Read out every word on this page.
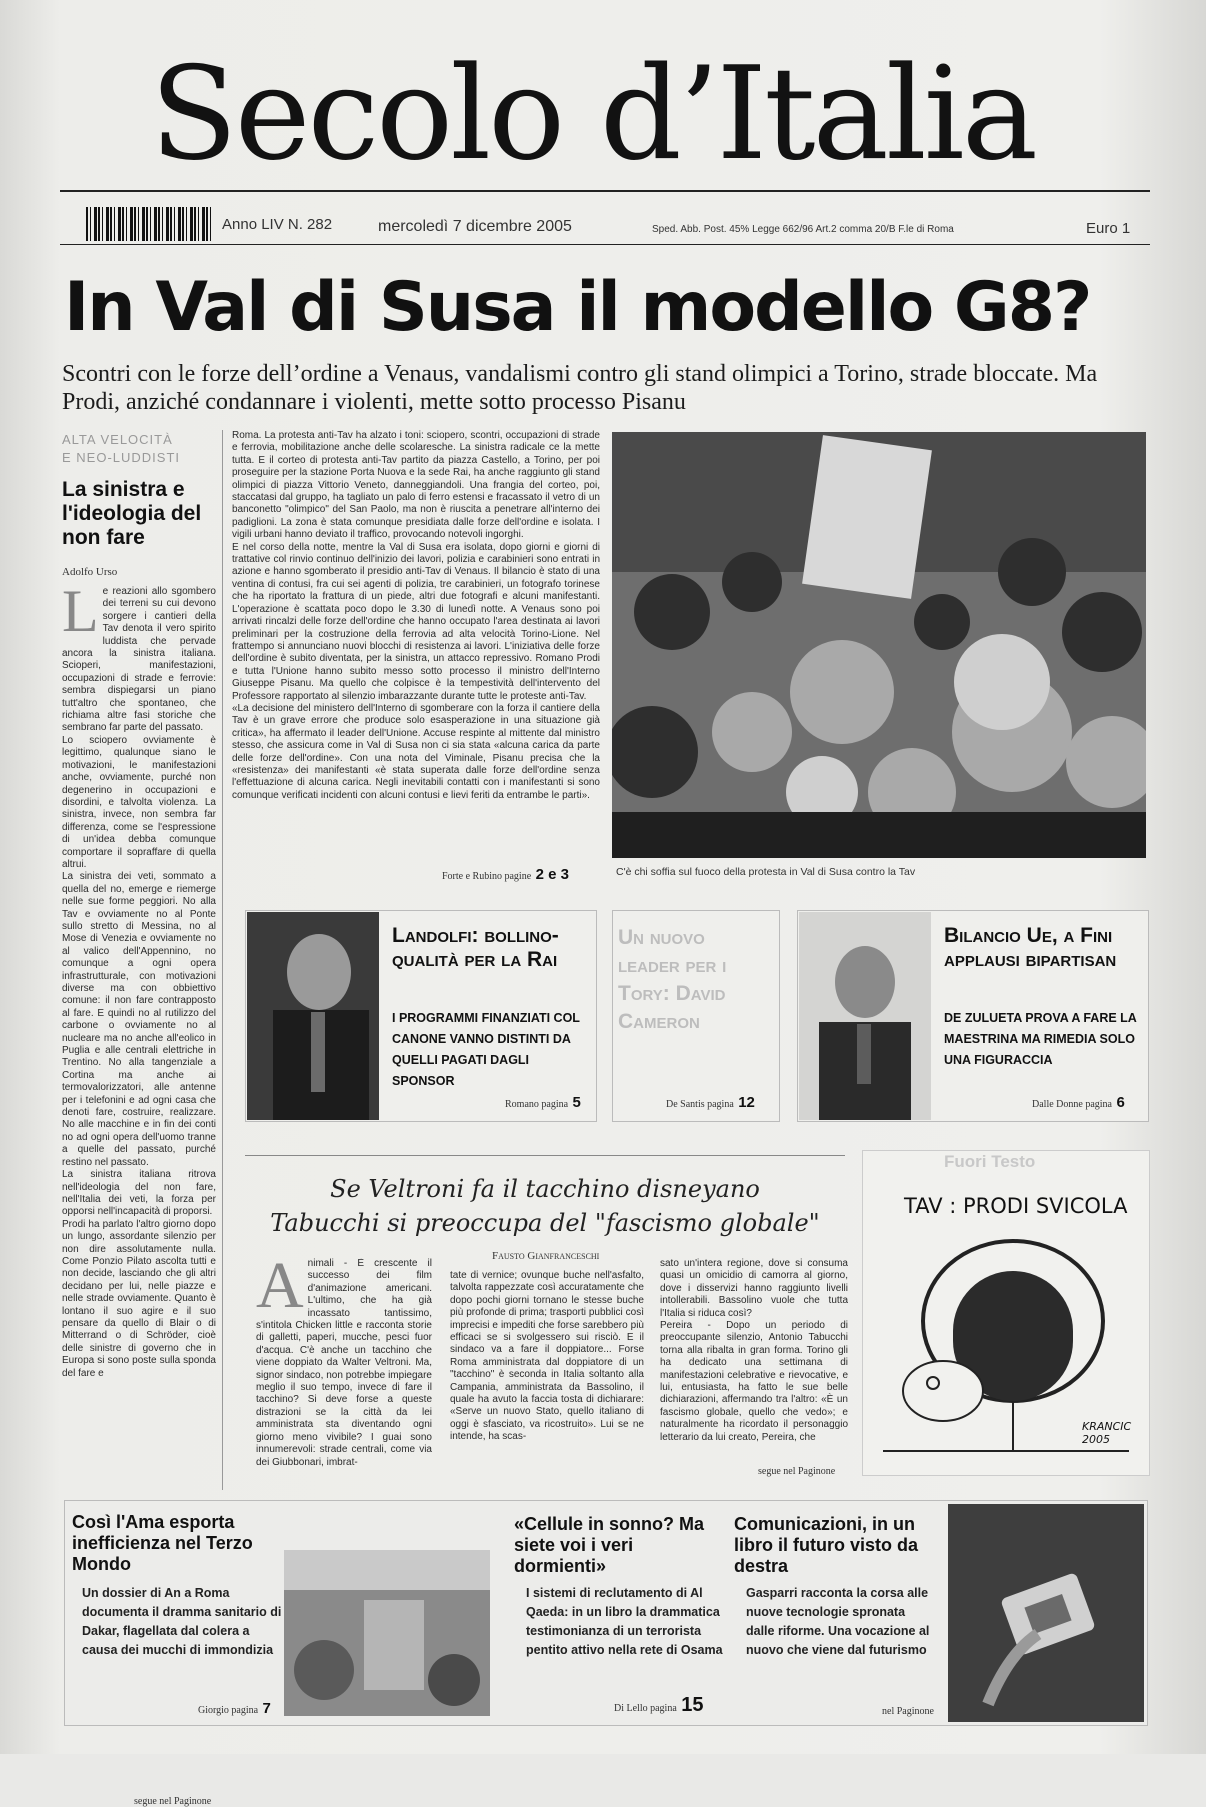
Secolo d’Italia
Anno LIV N. 282	mercoledì 7 dicembre 2005	Sped. Abb. Post. 45% Legge 662/96 Art.2 comma 20/B F.le di Roma	Euro 1
In Val di Susa il modello G8?
Scontri con le forze dell’ordine a Venaus, vandalismi contro gli stand olimpici a Torino, strade bloccate. Ma Prodi, anziché condannare i violenti, mette sotto processo Pisanu
ALTA VELOCITÀ
E NEO-LUDDISTI
La sinistra e l'ideologia del non fare
Adolfo Urso
Le reazioni allo sgombero dei terreni su cui devono sorgere i cantieri della Tav denota il vero spirito luddista che pervade ancora la sinistra italiana. Scioperi, manifestazioni, occupazioni di strade e ferrovie: sembra dispiegarsi un piano tutt'altro che spontaneo, che richiama altre fasi storiche che sembrano far parte del passato.
Lo sciopero ovviamente è legittimo, qualunque siano le motivazioni, le manifestazioni anche, ovviamente, purché non degenerino in occupazioni e disordini, e talvolta violenza. La sinistra, invece, non sembra far differenza, come se l'espressione di un'idea debba comunque comportare il sopraffare di quella altrui.
La sinistra dei veti, sommato a quella del no, emerge e riemerge nelle sue forme peggiori. No alla Tav e ovviamente no al Ponte sullo stretto di Messina, no al Mose di Venezia e ovviamente no al valico dell'Appennino, no comunque a ogni opera infrastrutturale, con motivazioni diverse ma con obbiettivo comune: il non fare contrapposto al fare. E quindi no al rutilizzo del carbone o ovviamente no al nucleare ma no anche all'eolico in Puglia e alle centrali elettriche in Trentino. No alla tangenziale a Cortina ma anche ai termovalorizzatori, alle antenne per i telefonini e ad ogni casa che denoti fare, costruire, realizzare. No alle macchine e in fin dei conti no ad ogni opera dell'uomo tranne a quelle del passato, purché restino nel passato.
La sinistra italiana ritrova nell'ideologia del non fare, nell'Italia dei veti, la forza per opporsi nell'incapacità di proporsi.
Prodi ha parlato l'altro giorno dopo un lungo, assordante silenzio per non dire assolutamente nulla. Come Ponzio Pilato ascolta tutti e non decide, lasciando che gli altri decidano per lui, nelle piazze e nelle strade ovviamente. Quanto è lontano il suo agire e il suo pensare da quello di Blair o di Mitterrand o di Schröder, cioè delle sinistre di governo che in Europa si sono poste sulla sponda del fare e
segue nel Paginone
Roma. La protesta anti-Tav ha alzato i toni: sciopero, scontri, occupazioni di strade e ferrovia, mobilitazione anche delle scolaresche. La sinistra radicale ce la mette tutta. E il corteo di protesta anti-Tav partito da piazza Castello, a Torino, per poi proseguire per la stazione Porta Nuova e la sede Rai, ha anche raggiunto gli stand olimpici di piazza Vittorio Veneto, danneggiandoli. Una frangia del corteo, poi, staccatasi dal gruppo, ha tagliato un palo di ferro estensi e fracassato il vetro di un banconetto "olimpico" del San Paolo, ma non è riuscita a penetrare all'interno dei padiglioni. La zona è stata comunque presidiata dalle forze dell'ordine e isolata. I vigili urbani hanno deviato il traffico, provocando notevoli ingorghi.
E nel corso della notte, mentre la Val di Susa era isolata, dopo giorni e giorni di trattative col rinvio continuo dell'inizio dei lavori, polizia e carabinieri sono entrati in azione e hanno sgomberato il presidio anti-Tav di Venaus. Il bilancio è stato di una ventina di contusi, fra cui sei agenti di polizia, tre carabinieri, un fotografo torinese che ha riportato la frattura di un piede, altri due fotografi e alcuni manifestanti. L'operazione è scattata poco dopo le 3.30 di lunedì notte. A Venaus sono poi arrivati rincalzi delle forze dell'ordine che hanno occupato l'area destinata ai lavori preliminari per la costruzione della ferrovia ad alta velocità Torino-Lione. Nel frattempo si annunciano nuovi blocchi di resistenza ai lavori. L'iniziativa delle forze dell'ordine è subito diventata, per la sinistra, un attacco repressivo. Romano Prodi e tutta l'Unione hanno subito messo sotto processo il ministro dell'Interno Giuseppe Pisanu. Ma quello che colpisce è la tempestività dell'intervento del Professore rapportato al silenzio imbarazzante durante tutte le proteste anti-Tav.
«La decisione del ministero dell'Interno di sgomberare con la forza il cantiere della Tav è un grave errore che produce solo esasperazione in una situazione già critica», ha affermato il leader dell'Unione. Accuse respinte al mittente dal ministro stesso, che assicura come in Val di Susa non ci sia stata «alcuna carica da parte delle forze dell'ordine». Con una nota del Viminale, Pisanu precisa che la «resistenza» dei manifestanti «è stata superata dalle forze dell'ordine senza l'effettuazione di alcuna carica. Negli inevitabili contatti con i manifestanti si sono comunque verificati incidenti con alcuni contusi e lievi feriti da entrambe le parti».
Forte e Rubino pagine 2 e 3	C'è chi soffia sul fuoco della protesta in Val di Susa contro la Tav
Landolfi: bollino-qualità per la Rai
I PROGRAMMI FINANZIATI COL CANONE VANNO DISTINTI DA QUELLI PAGATI DAGLI SPONSOR
Romano pagina 5
Un nuovo leader per i Tory: David Cameron
De Santis pagina 12
Bilancio Ue, a Fini applausi bipartisan
DE ZULUETA PROVA A FARE LA MAESTRINA MA RIMEDIA SOLO UNA FIGURACCIA
Dalle Donne pagina 6
Se Veltroni fa il tacchino disneyano
Tabucchi si preoccupa del "fascismo globale"
Fausto Gianfranceschi
Animali - È crescente il successo dei film d'animazione americani. L'ultimo, che ha già incassato tantissimo, s'intitola Chicken little e racconta storie di galletti, paperi, mucche, pesci fuor d'acqua. C'è anche un tacchino che viene doppiato da Walter Veltroni. Ma, signor sindaco, non potrebbe impiegare meglio il suo tempo, invece di fare il tacchino? Si deve forse a queste distrazioni se la città da lei amministrata sta diventando ogni giorno meno vivibile? I guai sono innumerevoli: strade centrali, come via dei Giubbonari, imbrat-
tate di vernice; ovunque buche nell'asfalto, talvolta rappezzate così accuratamente che dopo pochi giorni tornano le stesse buche più profonde di prima; trasporti pubblici così imprecisi e impediti che forse sarebbero più efficaci se si svolgessero sui risciò. E il sindaco va a fare il doppiatore... Forse Roma amministrata dal doppiatore di un "tacchino" è seconda in Italia soltanto alla Campania, amministrata da Bassolino, il quale ha avuto la faccia tosta di dichiarare: «Serve un nuovo Stato, quello italiano di oggi è sfasciato, va ricostruito». Lui se ne intende, ha scas-
sato un'intera regione, dove si consuma quasi un omicidio di camorra al giorno, dove i disservizi hanno raggiunto livelli intollerabili. Bassolino vuole che tutta l'Italia si riduca così?
Pereira - Dopo un periodo di preoccupante silenzio, Antonio Tabucchi torna alla ribalta in gran forma. Torino gli ha dedicato una settimana di manifestazioni celebrative e rievocative, e lui, entusiasta, ha fatto le sue belle dichiarazioni, affermando tra l'altro: «È un fascismo globale, quello che vedo»; e naturalmente ha ricordato il personaggio letterario da lui creato, Pereira, che
segue nel Paginone
Fuori Testo
TAV : PRODI SVICOLA
KRANCIC 2005
Così l'Ama esporta inefficienza nel Terzo Mondo
Un dossier di An a Roma documenta il dramma sanitario di Dakar, flagellata dal colera a causa dei mucchi di immondizia
Giorgio pagina 7
«Cellule in sonno? Ma siete voi i veri dormienti»
I sistemi di reclutamento di Al Qaeda: in un libro la drammatica testimonianza di un terrorista pentito attivo nella rete di Osama
Di Lello pagina 15
Comunicazioni, in un libro il futuro visto da destra
Gasparri racconta la corsa alle nuove tecnologie spronata dalle riforme. Una vocazione al nuovo che viene dal futurismo
nel Paginone
